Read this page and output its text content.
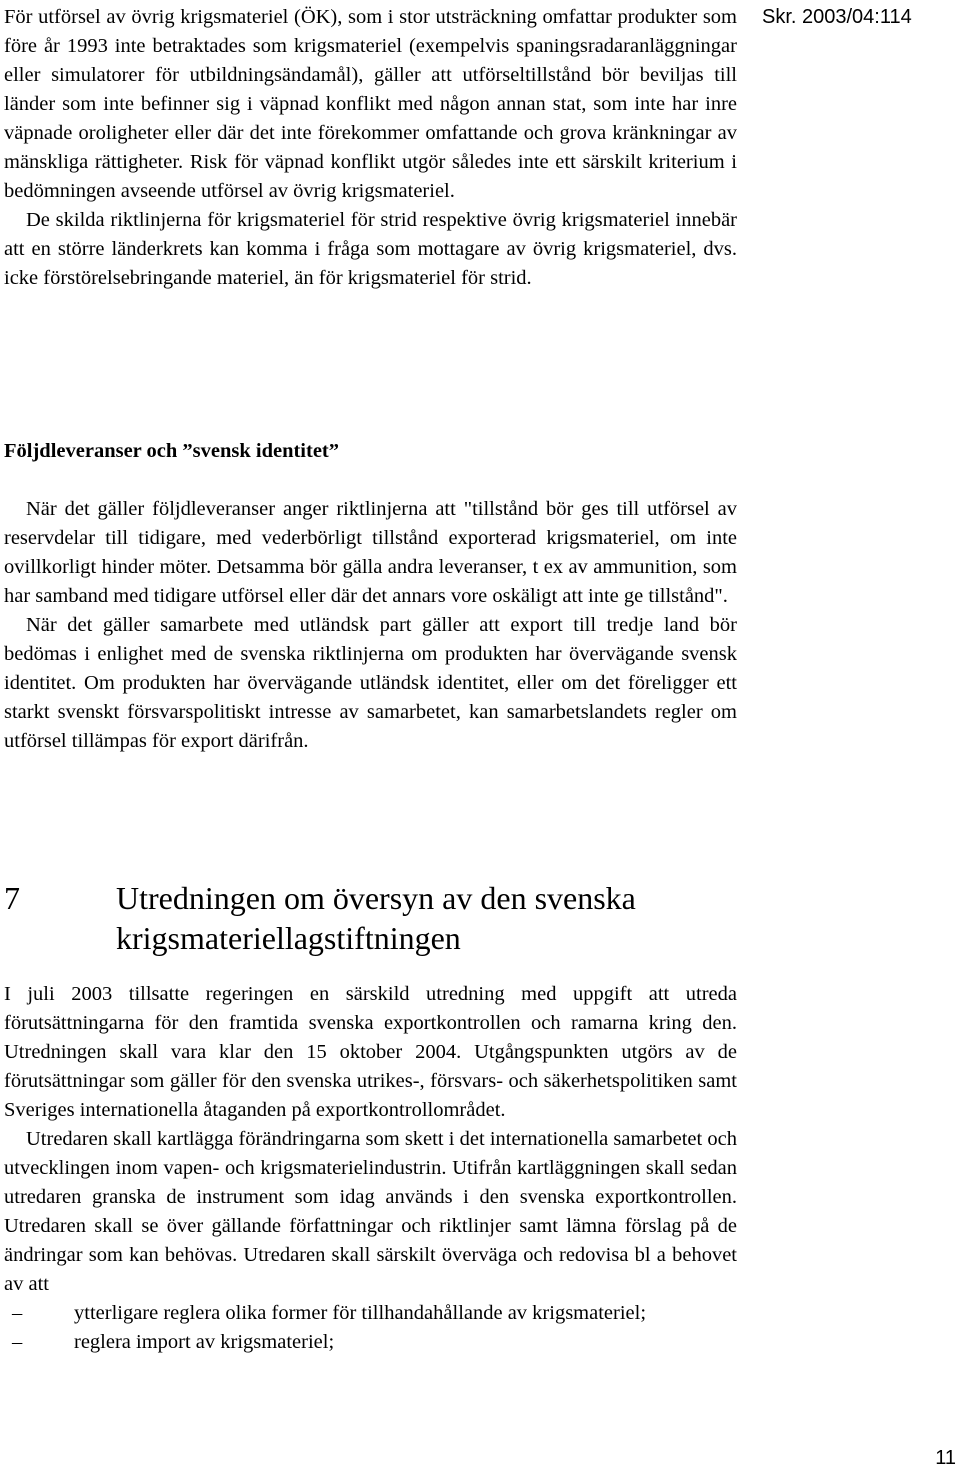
Skr. 2003/04:114

För utförsel av övrig krigsmateriel (ÖK), som i stor utsträckning omfattar produkter som före år 1993 inte betraktades som krigsmateriel (exempelvis spaningsradaranläggningar eller simulatorer för utbildningsändamål), gäller att utförseltillstånd bör beviljas till länder som inte befinner sig i väpnad konflikt med någon annan stat, som inte har inre väpnade oroligheter eller där det inte förekommer omfattande och grova kränkningar av mänskliga rättigheter. Risk för väpnad konflikt utgör således inte ett särskilt kriterium i bedömningen avseende utförsel av övrig krigsmateriel.

De skilda riktlinjerna för krigsmateriel för strid respektive övrig krigsmateriel innebär att en större länderkrets kan komma i fråga som mottagare av övrig krigsmateriel, dvs. icke förstörelsebringande materiel, än för krigsmateriel för strid.

Följdleveranser och ”svensk identitet”

När det gäller följdleveranser anger riktlinjerna att "tillstånd bör ges till utförsel av reservdelar till tidigare, med vederbörligt tillstånd exporterad krigsmateriel, om inte ovillkorligt hinder möter. Detsamma bör gälla andra leveranser, t ex av ammunition, som har samband med tidigare utförsel eller där det annars vore oskäligt att inte ge tillstånd".

När det gäller samarbete med utländsk part gäller att export till tredje land bör bedömas i enlighet med de svenska riktlinjerna om produkten har övervägande svensk identitet. Om produkten har övervägande utländsk identitet, eller om det föreligger ett starkt svenskt försvarspolitiskt intresse av samarbetet, kan samarbetslandets regler om utförsel tillämpas för export därifrån.

7	Utredningen om översyn av den svenska krigsmateriellagstiftningen

I juli 2003 tillsatte regeringen en särskild utredning med uppgift att utreda förutsättningarna för den framtida svenska exportkontrollen och ramarna kring den. Utredningen skall vara klar den 15 oktober 2004. Utgångspunkten utgörs av de förutsättningar som gäller för den svenska utrikes-, försvars- och säkerhetspolitiken samt Sveriges internationella åtaganden på exportkontrollområdet.

Utredaren skall kartlägga förändringarna som skett i det internationella samarbetet och utvecklingen inom vapen- och krigsmaterielindustrin. Utifrån kartläggningen skall sedan utredaren granska de instrument som idag används i den svenska exportkontrollen. Utredaren skall se över gällande författningar och riktlinjer samt lämna förslag på de ändringar som kan behövas. Utredaren skall särskilt överväga och redovisa bl a behovet av att

–	ytterligare reglera olika former för tillhandahållande av krigsmateriel;
–	reglera import av krigsmateriel;
11
